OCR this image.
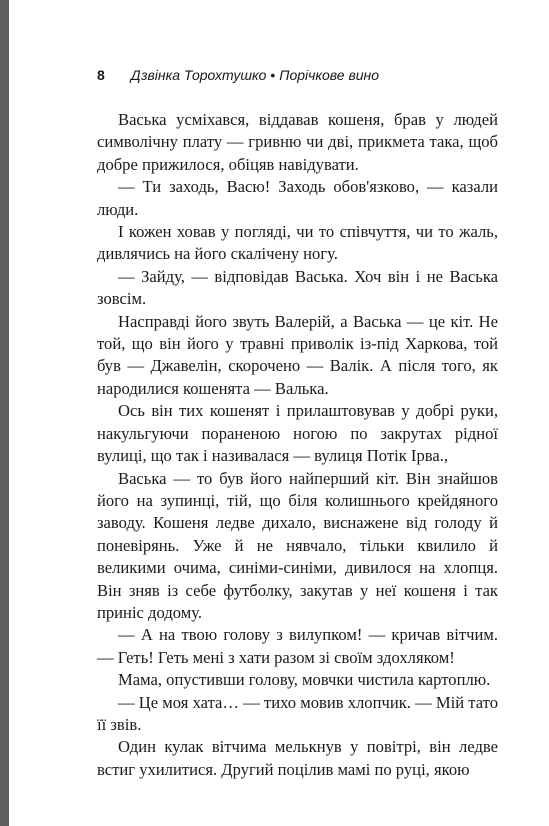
8 Дзвінка Торохтушко • Порічкове вино

Васька усміхався, віддавав кошеня, брав у людей символічну плату — гривню чи дві, прикмета така, щоб добре прижилося, обіцяв навідувати.

— Ти заходь, Васю! Заходь обов'язково, — казали люди.

І кожен ховав у погляді, чи то співчуття, чи то жаль, дивлячись на його скалічену ногу.

— Зайду, — відповідав Васька. Хоч він і не Васька зовсім.

Насправді його звуть Валерій, а Васька — це кіт. Не той, що він його у травні приволік із-під Харкова, той був — Джавелін, скорочено — Валік. А після того, як народилися кошенята — Валька.

Ось він тих кошенят і прилаштовував у добрі руки, накульгуючи пораненою ногою по закрутах рідної вулиці, що так і називалася — вулиця Потік Ірва.,

Васька — то був його найперший кіт. Він знайшов його на зупинці, тій, що біля колишнього крейдяного заводу. Кошеня ледве дихало, виснажене від голоду й поневірянь. Уже й не нявчало, тільки квилило й великими очима, синіми-синіми, дивилося на хлопця. Він зняв із себе футболку, закутав у неї кошеня і так приніс додому.

— А на твою голову з вилупком! — кричав вітчим. — Геть! Геть мені з хати разом зі своїм здохляком!

Мама, опустивши голову, мовчки чистила картоплю.

— Це моя хата… — тихо мовив хлопчик. — Мій тато її звів.

Один кулак вітчима мелькнув у повітрі, він ледве встиг ухилитися. Другий поцілив мамі по руці, якою
